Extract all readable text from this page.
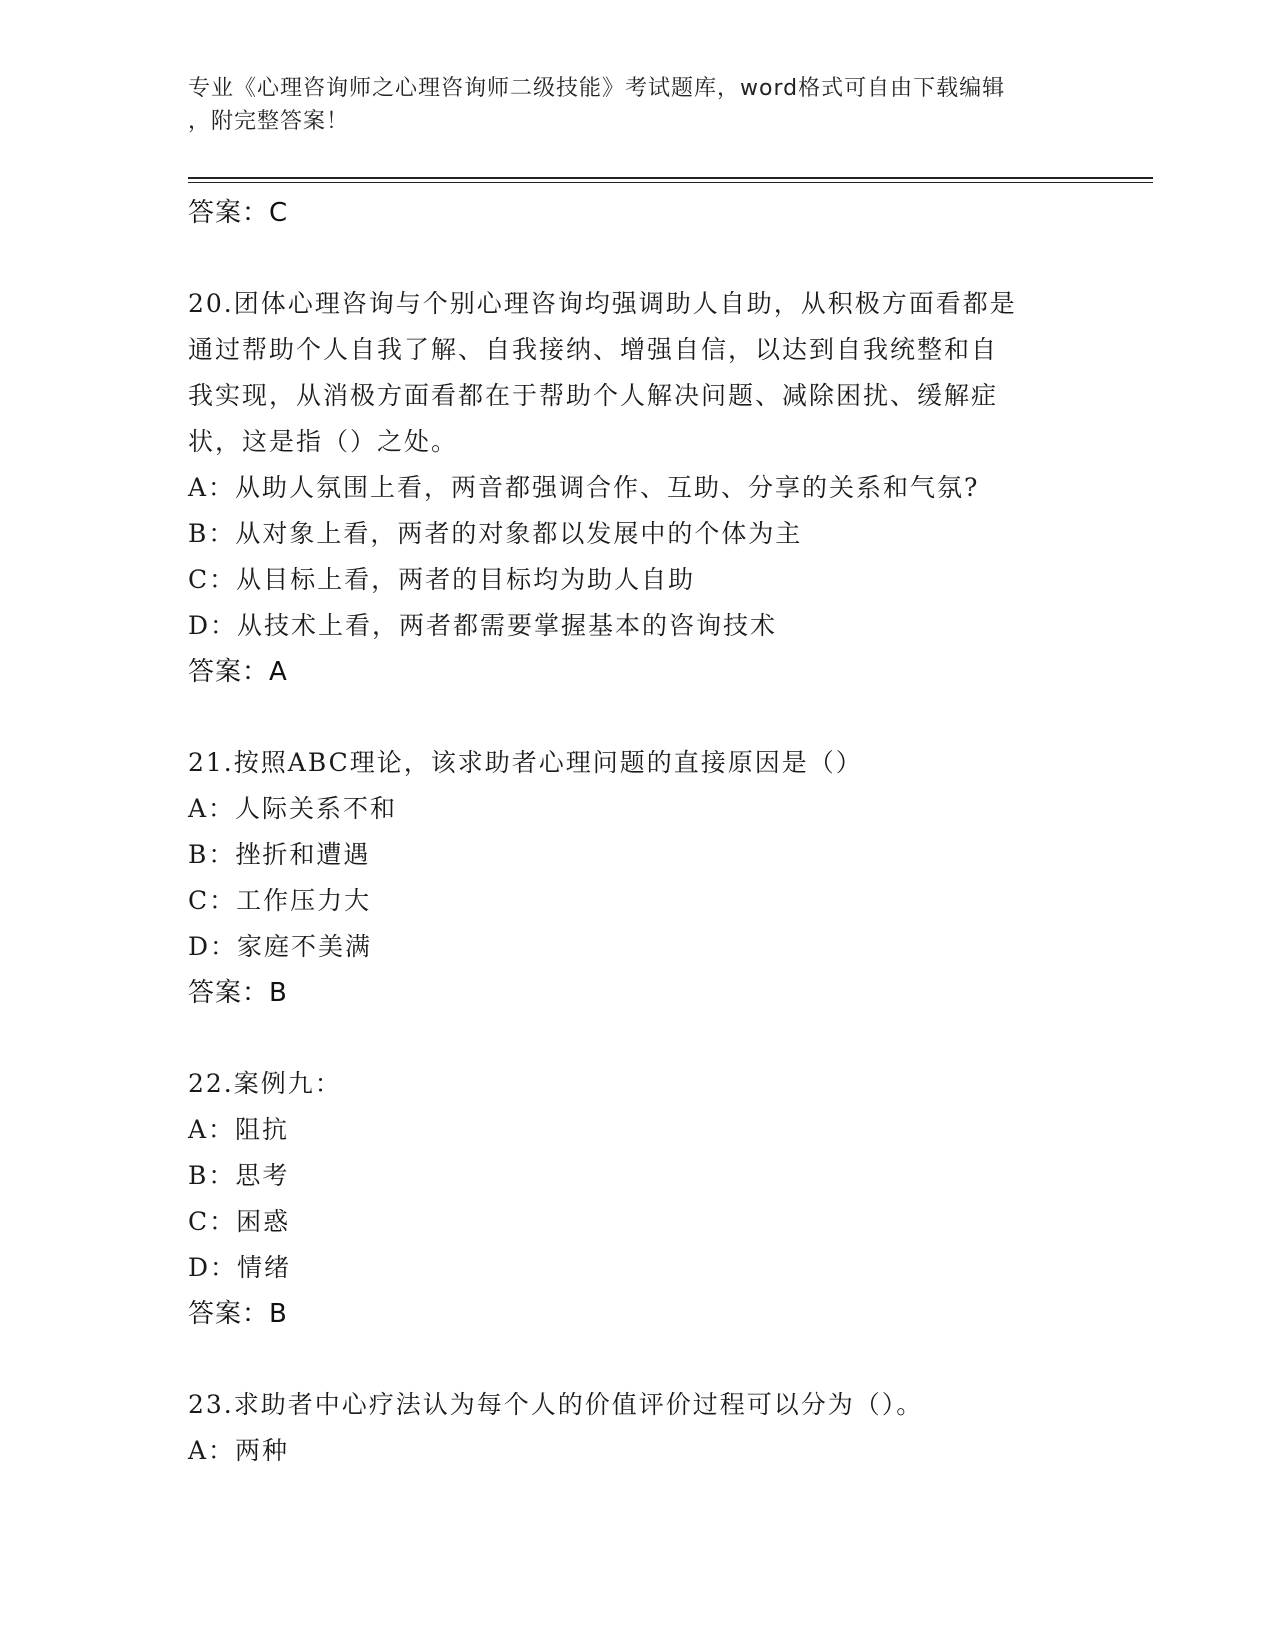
专业《心理咨询师之心理咨询师二级技能》考试题库，word格式可自由下载编辑
，附完整答案！
答案：C
20.团体心理咨询与个别心理咨询均强调助人自助，从积极方面看都是
通过帮助个人自我了解、自我接纳、增强自信，以达到自我统整和自
我实现，从消极方面看都在于帮助个人解决问题、减除困扰、缓解症
状，这是指（）之处。
A：从助人氛围上看，两音都强调合作、互助、分享的关系和气氛?
B：从对象上看，两者的对象都以发展中的个体为主
C：从目标上看，两者的目标均为助人自助
D：从技术上看，两者都需要掌握基本的咨询技术
答案：A
21.按照ABC理论，该求助者心理问题的直接原因是（）
A：人际关系不和
B：挫折和遭遇
C：工作压力大
D：家庭不美满
答案：B
22.案例九：
A：阻抗
B：思考
C：困惑
D：情绪
答案：B
23.求助者中心疗法认为每个人的价值评价过程可以分为（）。
A：两种
